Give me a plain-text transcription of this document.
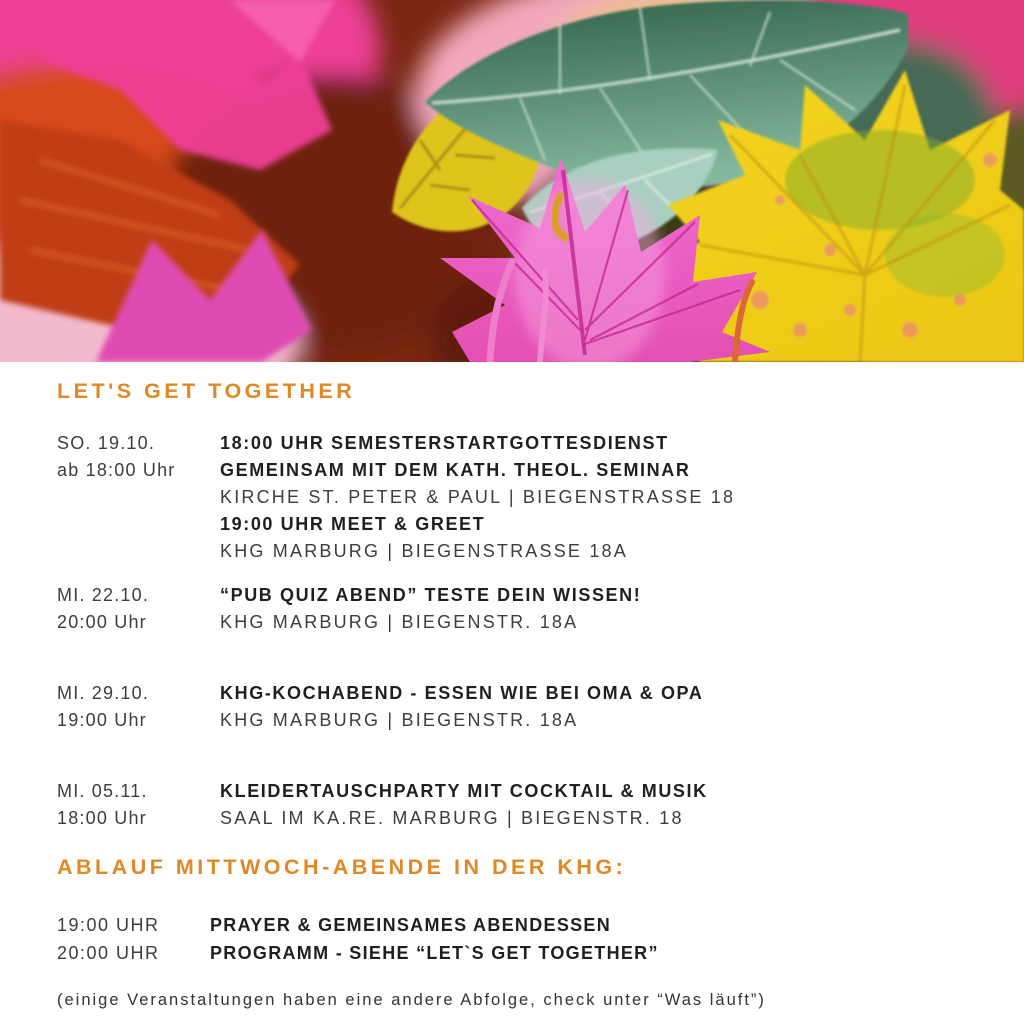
LET'S GET TOGETHER
SO. 19.10.
ab 18:00 Uhr
18:00 UHR SEMESTERSTARTGOTTESDIENST
GEMEINSAM MIT DEM KATH. THEOL. SEMINAR
KIRCHE ST. PETER & PAUL | BIEGENSTRASSE 18
19:00 UHR MEET & GREET
KHG MARBURG | BIEGENSTRASSE 18A
MI. 22.10.
20:00 Uhr
“PUB QUIZ ABEND” TESTE DEIN WISSEN!
KHG MARBURG | BIEGENSTR. 18A
MI. 29.10.
19:00 Uhr
KHG-KOCHABEND - ESSEN WIE BEI OMA & OPA
KHG MARBURG | BIEGENSTR. 18A
MI. 05.11.
18:00 Uhr
KLEIDERTAUSCHPARTY MIT COCKTAIL & MUSIK
SAAL IM KA.RE. MARBURG | BIEGENSTR. 18
ABLAUF MITTWOCH-ABENDE IN DER KHG:
19:00 UHR	PRAYER & GEMEINSAMES ABENDESSEN
20:00 UHR	PROGRAMM - SIEHE “LET`S GET TOGETHER”
(einige Veranstaltungen haben eine andere Abfolge, check unter “Was läuft”)
